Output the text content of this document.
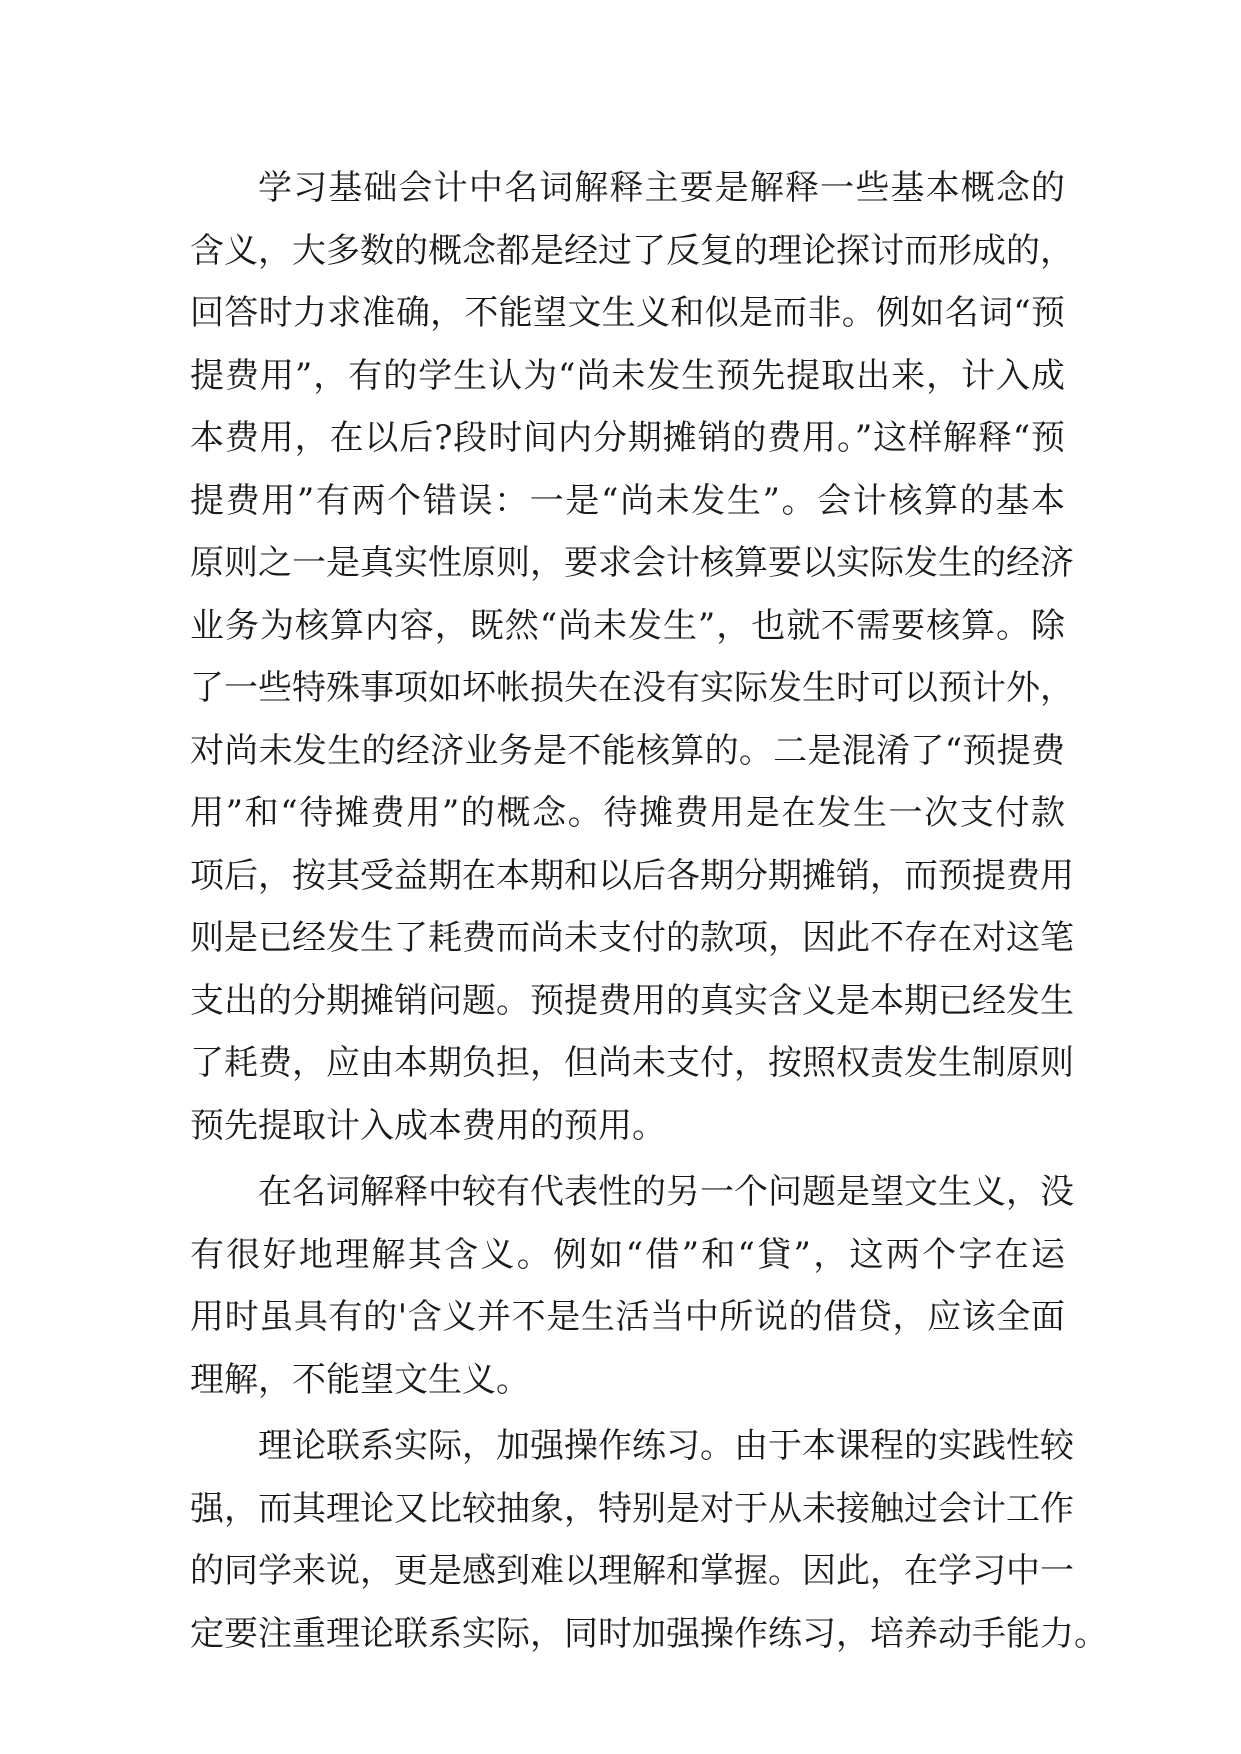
学习基础会计中名词解释主要是解释一些基本概念的
含义，大多数的概念都是经过了反复的理论探讨而形成的，
回答时力求准确，不能望文生义和似是而非。例如名词“预
提费用”，有的学生认为“尚未发生预先提取出来，计入成
本费用，在以后?段时间内分期摊销的费用。”这样解释“预
提费用”有两个错误：一是“尚未发生”。会计核算的基本
原则之一是真实性原则，要求会计核算要以实际发生的经济
业务为核算内容，既然“尚未发生”，也就不需要核算。除
了一些特殊事项如坏帐损失在没有实际发生时可以预计外，
对尚未发生的经济业务是不能核算的。二是混淆了“预提费
用”和“待摊费用”的概念。待摊费用是在发生一次支付款
项后，按其受益期在本期和以后各期分期摊销，而预提费用
则是已经发生了耗费而尚未支付的款项，因此不存在对这笔
支出的分期摊销问题。预提费用的真实含义是本期已经发生
了耗费，应由本期负担，但尚未支付，按照权责发生制原则
预先提取计入成本费用的预用。
在名词解释中较有代表性的另一个问题是望文生义，没
有很好地理解其含义。例如“借”和“貸”，这两个字在运
用时虽具有的'含义并不是生活当中所说的借贷，应该全面
理解，不能望文生义。
理论联系实际，加强操作练习。由于本课程的实践性较
强，而其理论又比较抽象，特别是对于从未接触过会计工作
的同学来说，更是感到难以理解和掌握。因此，在学习中一
定要注重理论联系实际，同时加强操作练习，培养动手能力。
